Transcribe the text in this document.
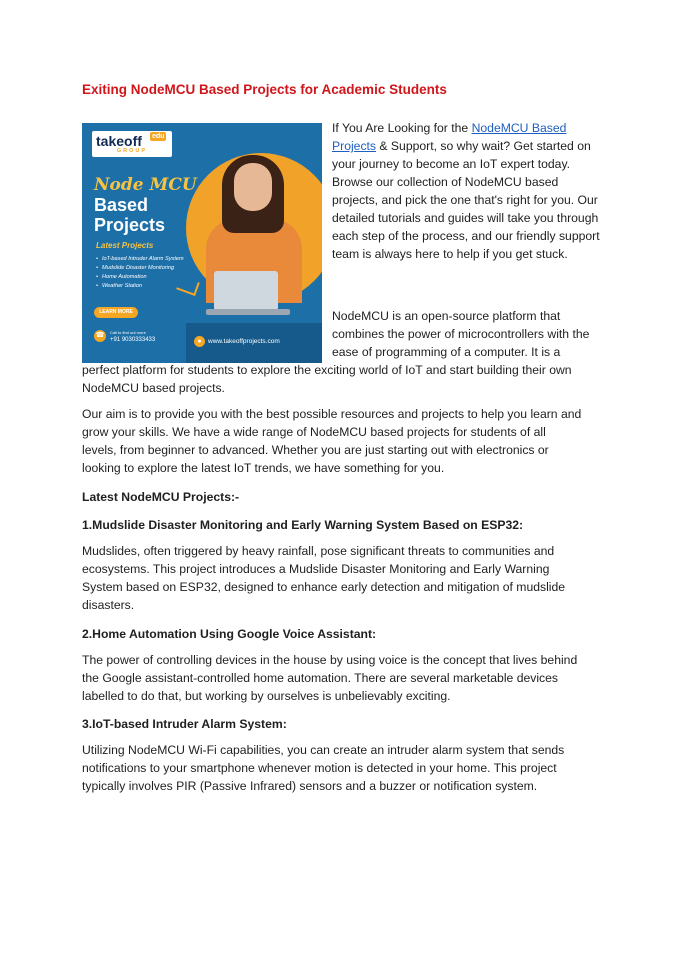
Exiting NodeMCU Based Projects for Academic Students
takeoff edu
GROUP
Node MCU
Based
Projects
Latest Projects
• IoT-based Intruder Alarm System
• Mudslide Disaster Monitoring
• Home Automation
• Weather Station
LEARN MORE
☎	Call to find out more
+91 9030333433	● www.takeoffprojects.com

If You Are Looking for the NodeMCU Based Projects & Support, so why wait? Get started on your journey to become an IoT expert today. Browse our collection of NodeMCU based projects, and pick the one that's right for you. Our detailed tutorials and guides will take you through each step of the process, and our friendly support team is always here to help if you get stuck.

NodeMCU is an open-source platform that combines the power of microcontrollers with the ease of programming of a computer. It is a

perfect platform for students to explore the exciting world of IoT and start building their own NodeMCU based projects.

Our aim is to provide you with the best possible resources and projects to help you learn and grow your skills. We have a wide range of NodeMCU based projects for students of all levels, from beginner to advanced. Whether you are just starting out with electronics or looking to explore the latest IoT trends, we have something for you.

Latest NodeMCU Projects:-
1.Mudslide Disaster Monitoring and Early Warning System Based on ESP32:

Mudslides, often triggered by heavy rainfall, pose significant threats to communities and ecosystems. This project introduces a Mudslide Disaster Monitoring and Early Warning System based on ESP32, designed to enhance early detection and mitigation of mudslide disasters.

2.Home Automation Using Google Voice Assistant:

The power of controlling devices in the house by using voice is the concept that lives behind the Google assistant-controlled home automation. There are several marketable devices labelled to do that, but working by ourselves is unbelievably exciting.

3.IoT-based Intruder Alarm System:

Utilizing NodeMCU Wi-Fi capabilities, you can create an intruder alarm system that sends notifications to your smartphone whenever motion is detected in your home. This project typically involves PIR (Passive Infrared) sensors and a buzzer or notification system.
